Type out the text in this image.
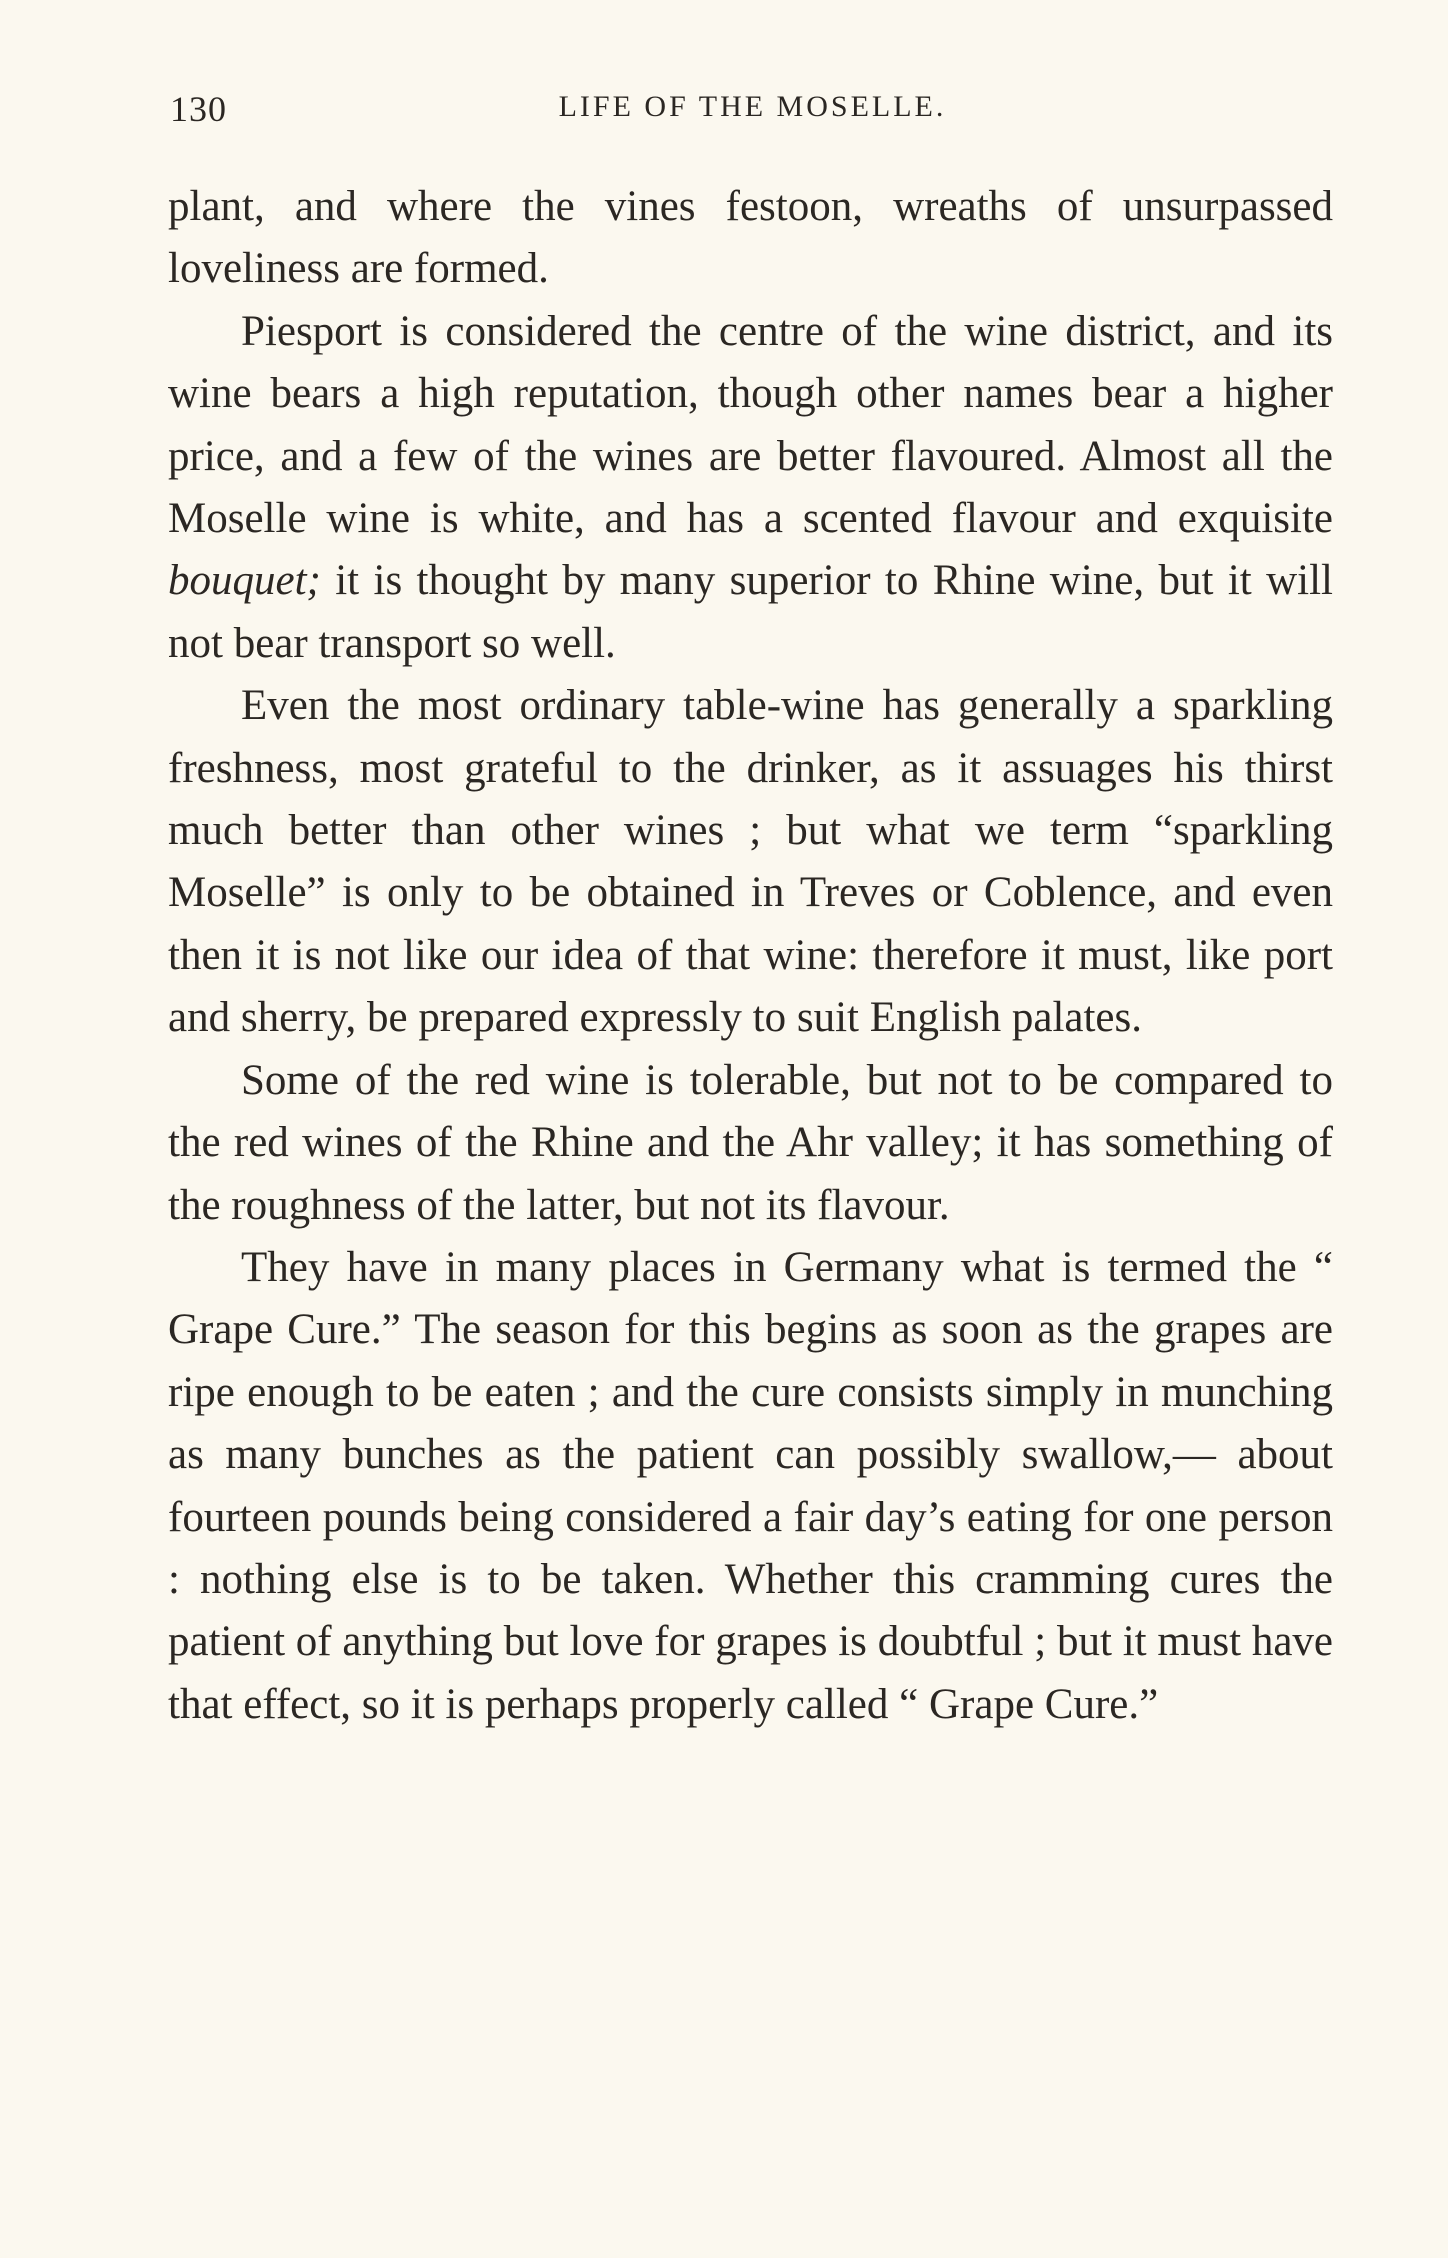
130	LIFE OF THE MOSELLE.

plant, and where the vines festoon, wreaths of unsurpassed loveliness are formed.

Piesport is considered the centre of the wine district, and its wine bears a high reputation, though other names bear a higher price, and a few of the wines are better flavoured. Almost all the Moselle wine is white, and has a scented flavour and exquisite bouquet; it is thought by many superior to Rhine wine, but it will not bear transport so well.

Even the most ordinary table-wine has generally a sparkling freshness, most grateful to the drinker, as it assuages his thirst much better than other wines ; but what we term “sparkling Moselle” is only to be obtained in Treves or Coblence, and even then it is not like our idea of that wine: therefore it must, like port and sherry, be prepared expressly to suit English palates.

Some of the red wine is tolerable, but not to be compared to the red wines of the Rhine and the Ahr valley; it has something of the roughness of the latter, but not its flavour.

They have in many places in Germany what is termed the “ Grape Cure.” The season for this begins as soon as the grapes are ripe enough to be eaten ; and the cure consists simply in munching as many bunches as the patient can possibly swallow,— about fourteen pounds being considered a fair day’s eating for one person : nothing else is to be taken. Whether this cramming cures the patient of anything but love for grapes is doubtful ; but it must have that effect, so it is perhaps properly called “ Grape Cure.”
